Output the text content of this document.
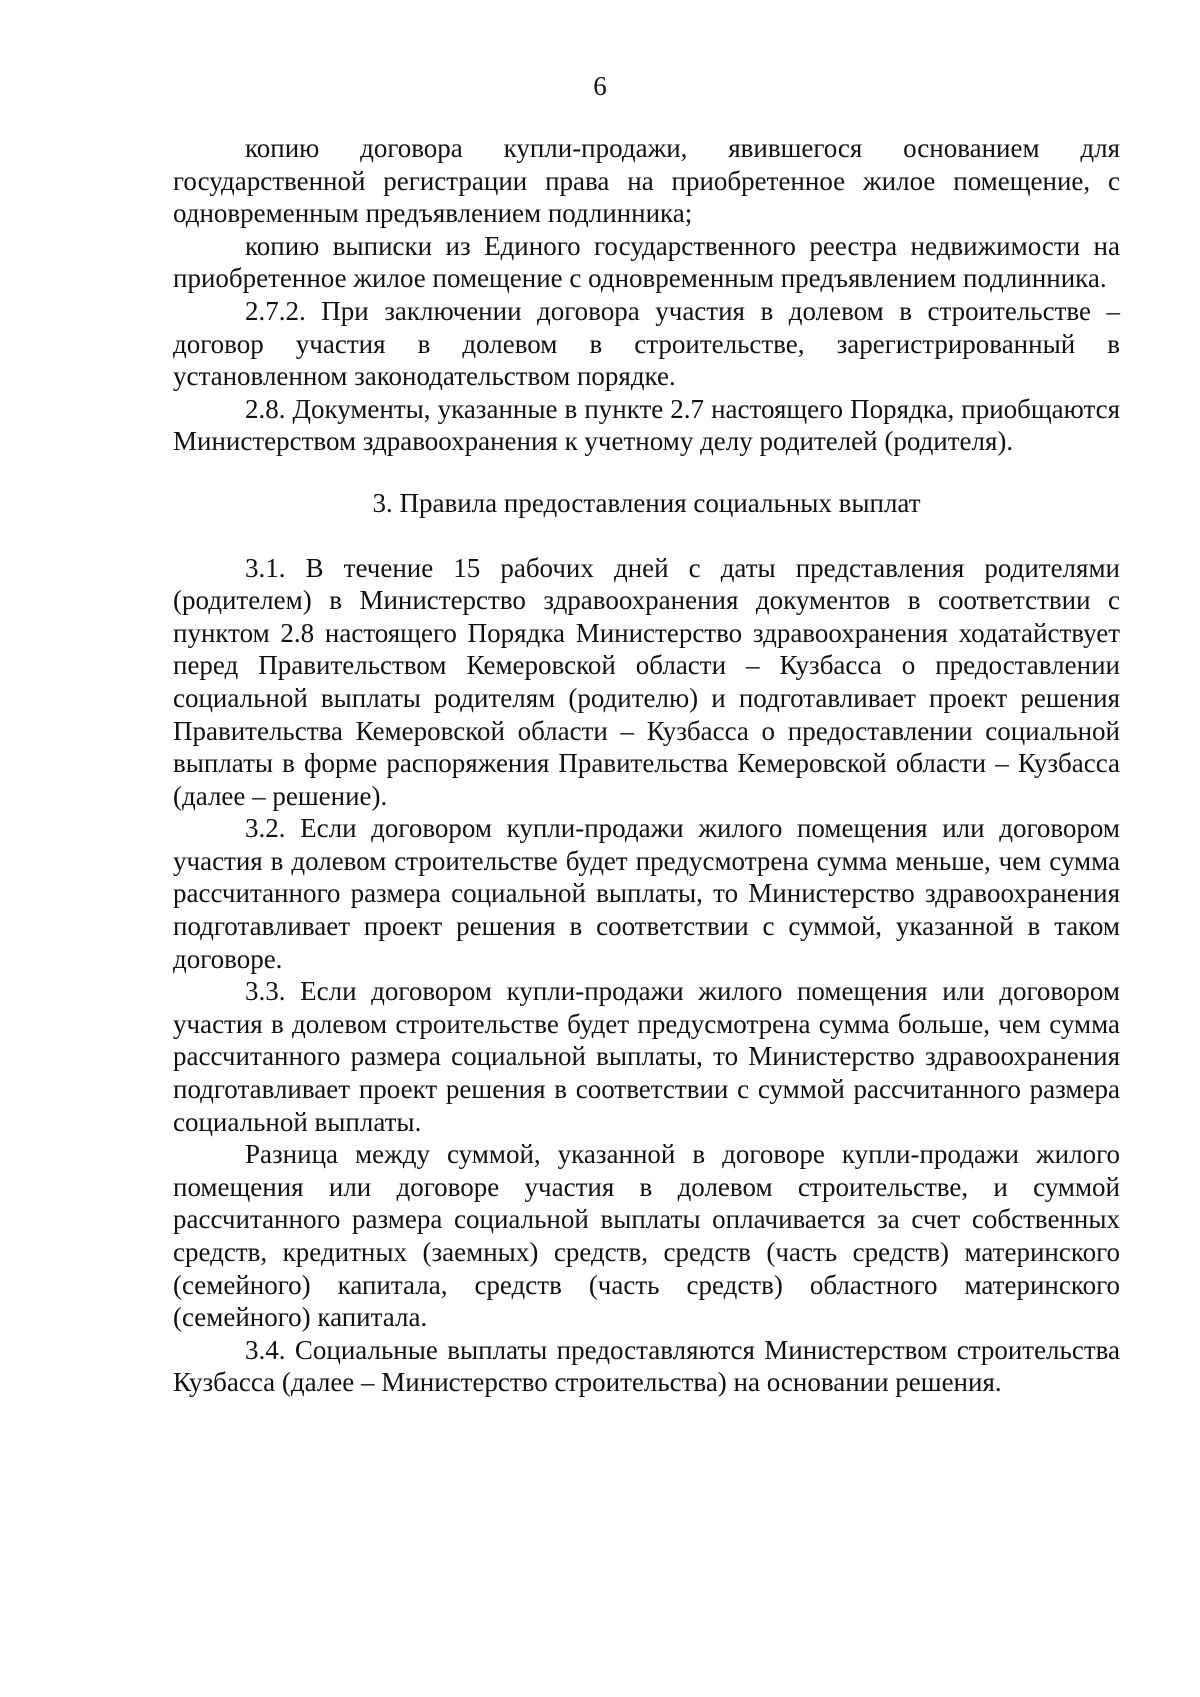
6

копию договора купли-продажи, явившегося основанием для государственной регистрации права на приобретенное жилое помещение, с одновременным предъявлением подлинника;

копию выписки из Единого государственного реестра недвижимости на приобретенное жилое помещение с одновременным предъявлением подлинника.

2.7.2. При заключении договора участия в долевом в строительстве – договор участия в долевом в строительстве, зарегистрированный в установленном законодательством порядке.

2.8. Документы, указанные в пункте 2.7 настоящего Порядка, приобщаются Министерством здравоохранения к учетному делу родителей (родителя).

3. Правила предоставления социальных выплат

3.1. В течение 15 рабочих дней с даты представления родителями (родителем) в Министерство здравоохранения документов в соответствии с пунктом 2.8 настоящего Порядка Министерство здравоохранения ходатайствует перед Правительством Кемеровской области – Кузбасса о предоставлении социальной выплаты родителям (родителю) и подготавливает проект решения Правительства Кемеровской области – Кузбасса о предоставлении социальной выплаты в форме распоряжения Правительства Кемеровской области – Кузбасса (далее – решение).

3.2. Если договором купли-продажи жилого помещения или договором участия в долевом строительстве будет предусмотрена сумма меньше, чем сумма рассчитанного размера социальной выплаты, то Министерство здравоохранения подготавливает проект решения в соответствии с суммой, указанной в таком договоре.

3.3. Если договором купли-продажи жилого помещения или договором участия в долевом строительстве будет предусмотрена сумма больше, чем сумма рассчитанного размера социальной выплаты, то Министерство здравоохранения подготавливает проект решения в соответствии с суммой рассчитанного размера социальной выплаты.

Разница между суммой, указанной в договоре купли-продажи жилого помещения или договоре участия в долевом строительстве, и суммой рассчитанного размера социальной выплаты оплачивается за счет собственных средств, кредитных (заемных) средств, средств (часть средств) материнского (семейного) капитала, средств (часть средств) областного материнского (семейного) капитала.

3.4. Социальные выплаты предоставляются Министерством строительства Кузбасса (далее – Министерство строительства) на основании решения.
